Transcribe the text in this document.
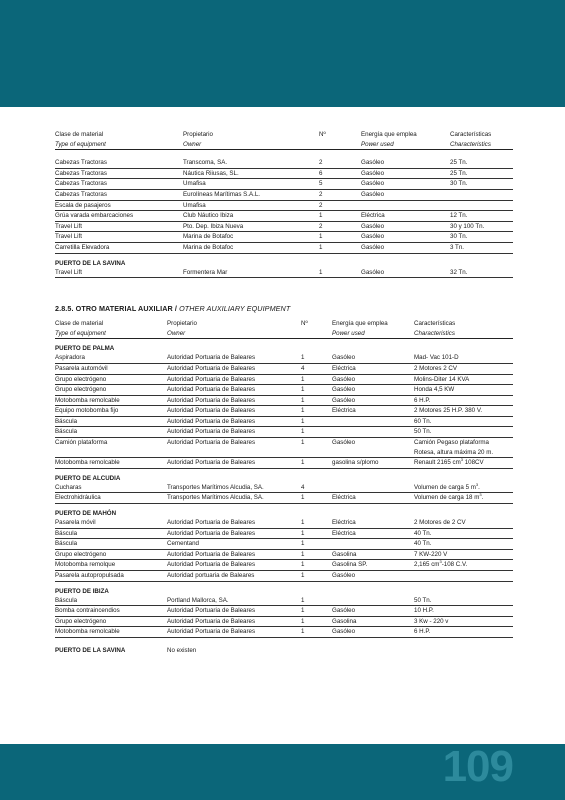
Clase de material	Propietario	Nº	Energía que emplea	Características
Type of equipment	Owner		Power used	Characteristics

Cabezas Tractoras	Transcoma, SA.	2	Gasóleo	25 Tn.
Cabezas Tractoras	Náutica Riiusas, SL.	6	Gasóleo	25 Tn.
Cabezas Tractoras	Umafisa	5	Gasóleo	30 Tn.
Cabezas Tractoras	Eurolíneas Marítimas S.A.L.	2	Gasóleo	
Escala de pasajeros	Umafisa	2		
Grúa varada embarcaciones	Club Náutico Ibiza	1	Eléctrica	12 Tn.
Travel Lift	Pto. Dep. Ibiza Nueva	2	Gasóleo	30 y 100 Tn.
Travel Lift	Marina de Botafoc	1	Gasóleo	30 Tn.
Carretilla Elevadora	Marina de Botafoc	1	Gasóleo	3 Tn.
PUERTO DE LA SAVINA				
Travel Lift	Formentera Mar	1	Gasóleo	32 Tn.
2.8.5. OTRO MATERIAL AUXILIAR / OTHER AUXILIARY EQUIPMENT
Clase de material	Propietario	Nº	Energía que emplea	Características
Type of equipment	Owner		Power used	Characteristics
PUERTO DE PALMA				
Aspiradora	Autoridad Portuaria de Baleares	1	Gasóleo	Mad- Vac 101-D
Pasarela automóvil	Autoridad Portuaria de Baleares	4	Eléctrica	2 Motores 2 CV
Grupo electrógeno	Autoridad Portuaria de Baleares	1	Gasóleo	Molins-Diter 14 KVA
Grupo electrógeno	Autoridad Portuaria de Baleares	1	Gasóleo	Honda 4,5 KW
Motobomba remolcable	Autoridad Portuaria de Baleares	1	Gasóleo	6 H.P.
Equipo motobomba fijo	Autoridad Portuaria de Baleares	1	Eléctrica	2 Motores 25 H.P. 380 V.
Báscula	Autoridad Portuaria de Baleares	1		60 Tn.
Báscula	Autoridad Portuaria de Baleares	1		50 Tn.
Camión plataforma	Autoridad Portuaria de Baleares	1	Gasóleo	Camión Pegaso plataforma
				Rotesa, altura máxima 20 m.
Motobomba remolcable	Autoridad Portuaria de Baleares	1	gasolina s/plomo	Renault 2165 $cm^3$ 108CV
PUERTO DE ALCUDIA				
Cucharas	Transportes Marítimos Alcudia, SA.	4		Volumen de carga 5 $m^3$.
Electrohidráulica	Transportes Marítimos Alcudia, SA.	1	Eléctrica	Volumen de carga 18 $m^3$.
PUERTO DE MAHÓN				
Pasarela móvil	Autoridad Portuaria de Baleares	1	Eléctrica	2 Motores de 2 CV
Báscula	Autoridad Portuaria de Baleares	1	Eléctrica	40 Tn.
Báscula	Cementand	1		40 Tn.
Grupo electrógeno	Autoridad Portuaria de Baleares	1	Gasolina	7 KW-220 V
Motobomba remolque	Autoridad Portuaria de Baleares	1	Gasolina SP.	2,165 $cm^3-108$ C.V.
Pasarela autopropulsada	Autoridad portuaria de Baleares	1	Gasóleo	
PUERTO DE IBIZA				
Báscula	Portland Mallorca, SA.	1		50 Tn.
Bomba contraincendios	Autoridad Portuaria de Baleares	1	Gasóleo	10 H.P.
Grupo electrógeno	Autoridad Portuaria de Baleares	1	Gasolina	3 Kw - 220 v
Motobomba remolcable	Autoridad Portuaria de Baleares	1	Gasóleo	6 H.P.
PUERTO DE LA SAVINA	No existen			
109
